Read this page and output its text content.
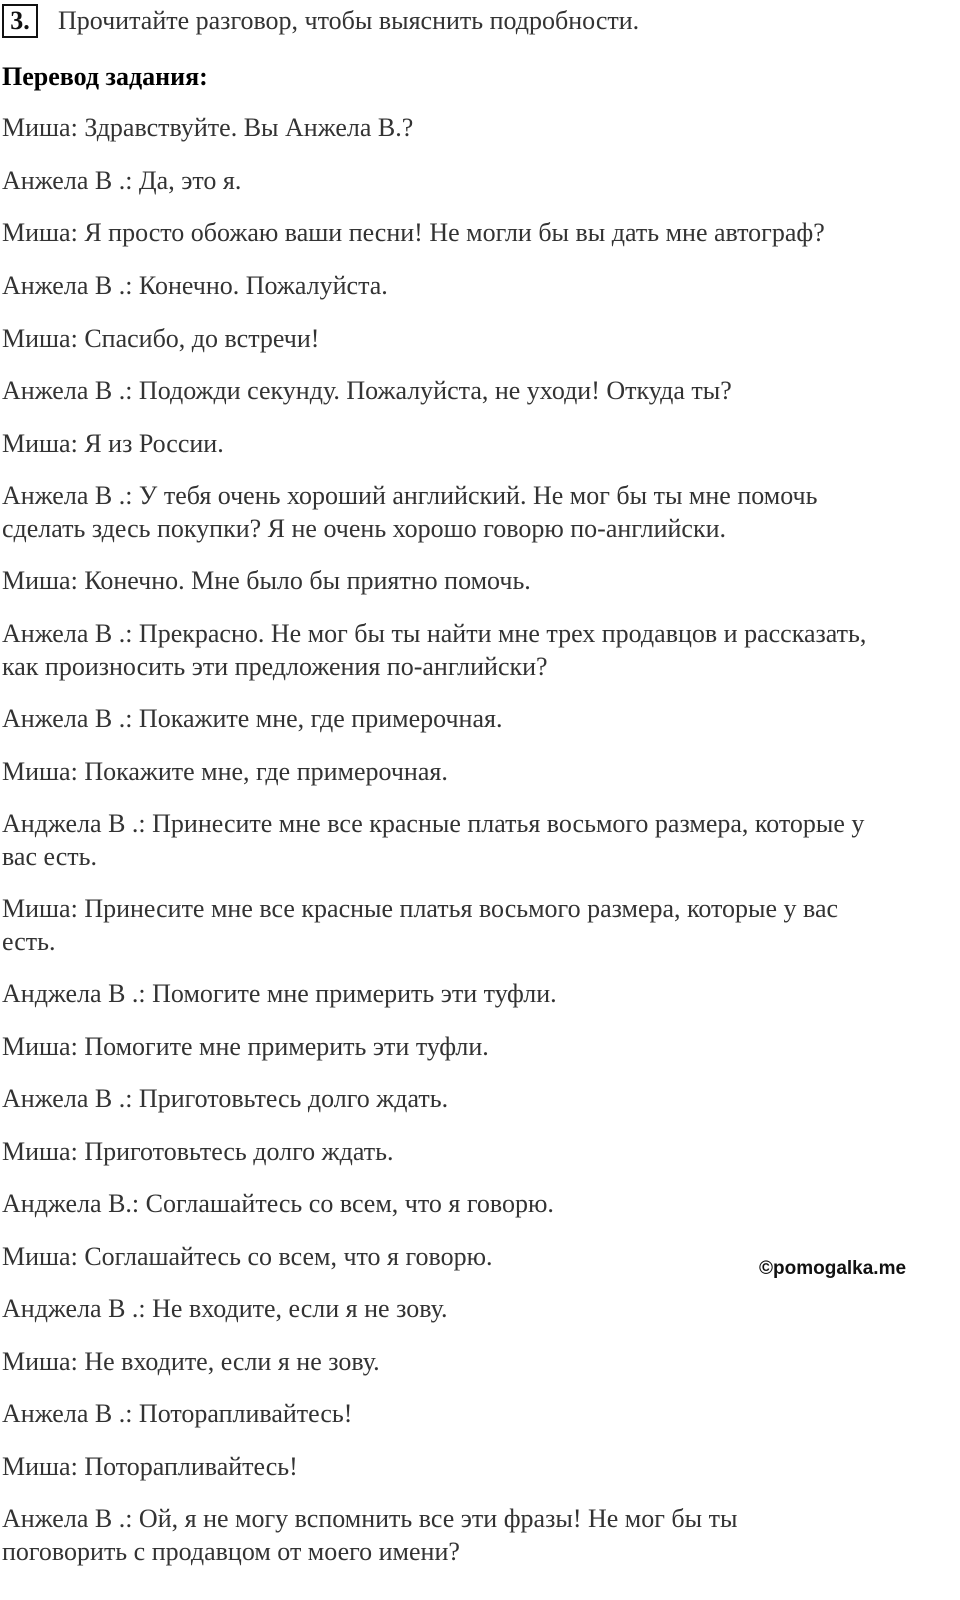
3.	Прочитайте разговор, чтобы выяснить подробности.
Перевод задания:
Миша: Здравствуйте. Вы Анжела В.?
Анжела В .: Да, это я.
Миша: Я просто обожаю ваши песни! Не могли бы вы дать мне автограф?
Анжела В .: Конечно. Пожалуйста.
Миша: Спасибо, до встречи!
Анжела В .: Подожди секунду. Пожалуйста, не уходи! Откуда ты?
Миша: Я из России.
Анжела В .: У тебя очень хороший английский. Не мог бы ты мне помочь
сделать здесь покупки? Я не очень хорошо говорю по-английски.
Миша: Конечно. Мне было бы приятно помочь.
Анжела В .: Прекрасно. Не мог бы ты найти мне трех продавцов и рассказать,
как произносить эти предложения по-английски?
Анжела В .: Покажите мне, где примерочная.
Миша: Покажите мне, где примерочная.
Анджела В .: Принесите мне все красные платья восьмого размера, которые у
вас есть.
Миша: Принесите мне все красные платья восьмого размера, которые у вас
есть.
Анджела В .: Помогите мне примерить эти туфли.
Миша: Помогите мне примерить эти туфли.
Анжела В .: Приготовьтесь долго ждать.
Миша: Приготовьтесь долго ждать.
Анджела В.: Соглашайтесь со всем, что я говорю.
Миша: Соглашайтесь со всем, что я говорю.
Анджела В .: Не входите, если я не зову.
Миша: Не входите, если я не зову.
Анжела В .: Поторапливайтесь!
Миша: Поторапливайтесь!
Анжела В .: Ой, я не могу вспомнить все эти фразы! Не мог бы ты
поговорить с продавцом от моего имени?
©pomogalka.me
